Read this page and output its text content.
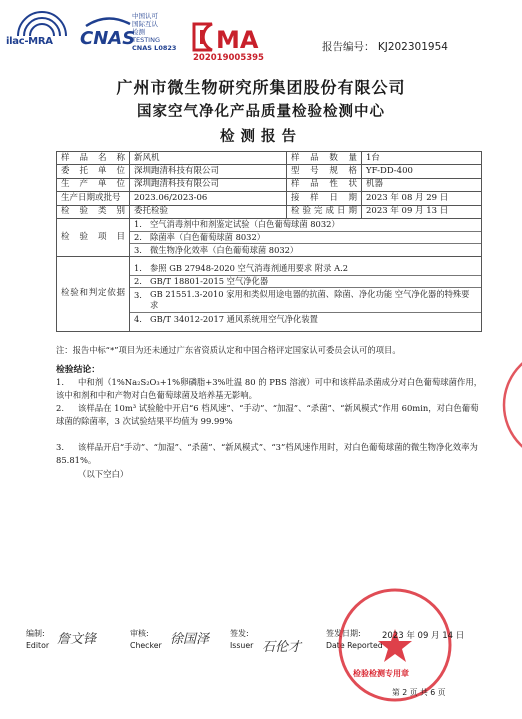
ilac-MRA CNAS
中国认可
国际互认
检测
TESTING
CNAS L0823 MA
202019005395
报告编号： KJ202301954
广州市微生物研究所集团股份有限公司
国家空气净化产品质量检验检测中心
检测报告
样品名称	新风机	样品数量	1台
委托单位	深圳跑清科技有限公司	型号规格	YF-DD-400
生产单位	深圳跑清科技有限公司	样品性状	机器
生产日期或批号	2023.06/2023-06	接样日期	2023 年 08 月 29 日
检验类别	委托检验	检验完成日期	2023 年 09 月 13 日
检验项目	
1.	空气消毒剂中和剂鉴定试验（白色葡萄球菌 8032）
2.	除菌率（白色葡萄球菌 8032）
3.	微生物净化效率（白色葡萄球菌 8032）

检验和判定依据	
1.	参照 GB 27948-2020 空气消毒剂通用要求 附录 A.2
2.	GB/T 18801-2015 空气净化器
3.	GB 21551.3-2010 家用和类似用途电器的抗菌、除菌、净化功能 空气净化器的特殊要求
4.	GB/T 34012-2017 通风系统用空气净化装置
注：报告中标“*”项目为还未通过广东省资质认定和中国合格评定国家认可委员会认可的项目。
检验结论：
1. 中和剂（1%Na₂S₂O₃+1%卵磷脂+3%吐温 80 的 PBS 溶液）可中和该样品杀菌成分对白色葡萄球菌作用，该中和剂和中和产物对白色葡萄球菌及培养基无影响。
2. 该样品在 10m³ 试验舱中开启“6 档风速”、“手动”、“加湿”、“杀菌”、“新风模式”作用 60min，对白色葡萄球菌的除菌率，3 次试验结果平均值为 99.99%
3. 该样品开启“手动”、“加湿”、“杀菌”、“新风模式”、“3”档风速作用时，对白色葡萄球菌的微生物净化效率为 85.81%。
（以下空白）
编制:
Editor 詹文锋	审核:
Checker 徐国泽	签发:
Issuer 石伦才
签发日期:
Date Reported
检验检测专用章
2023 年 09 月 14 日
第 2 页 共 6 页
